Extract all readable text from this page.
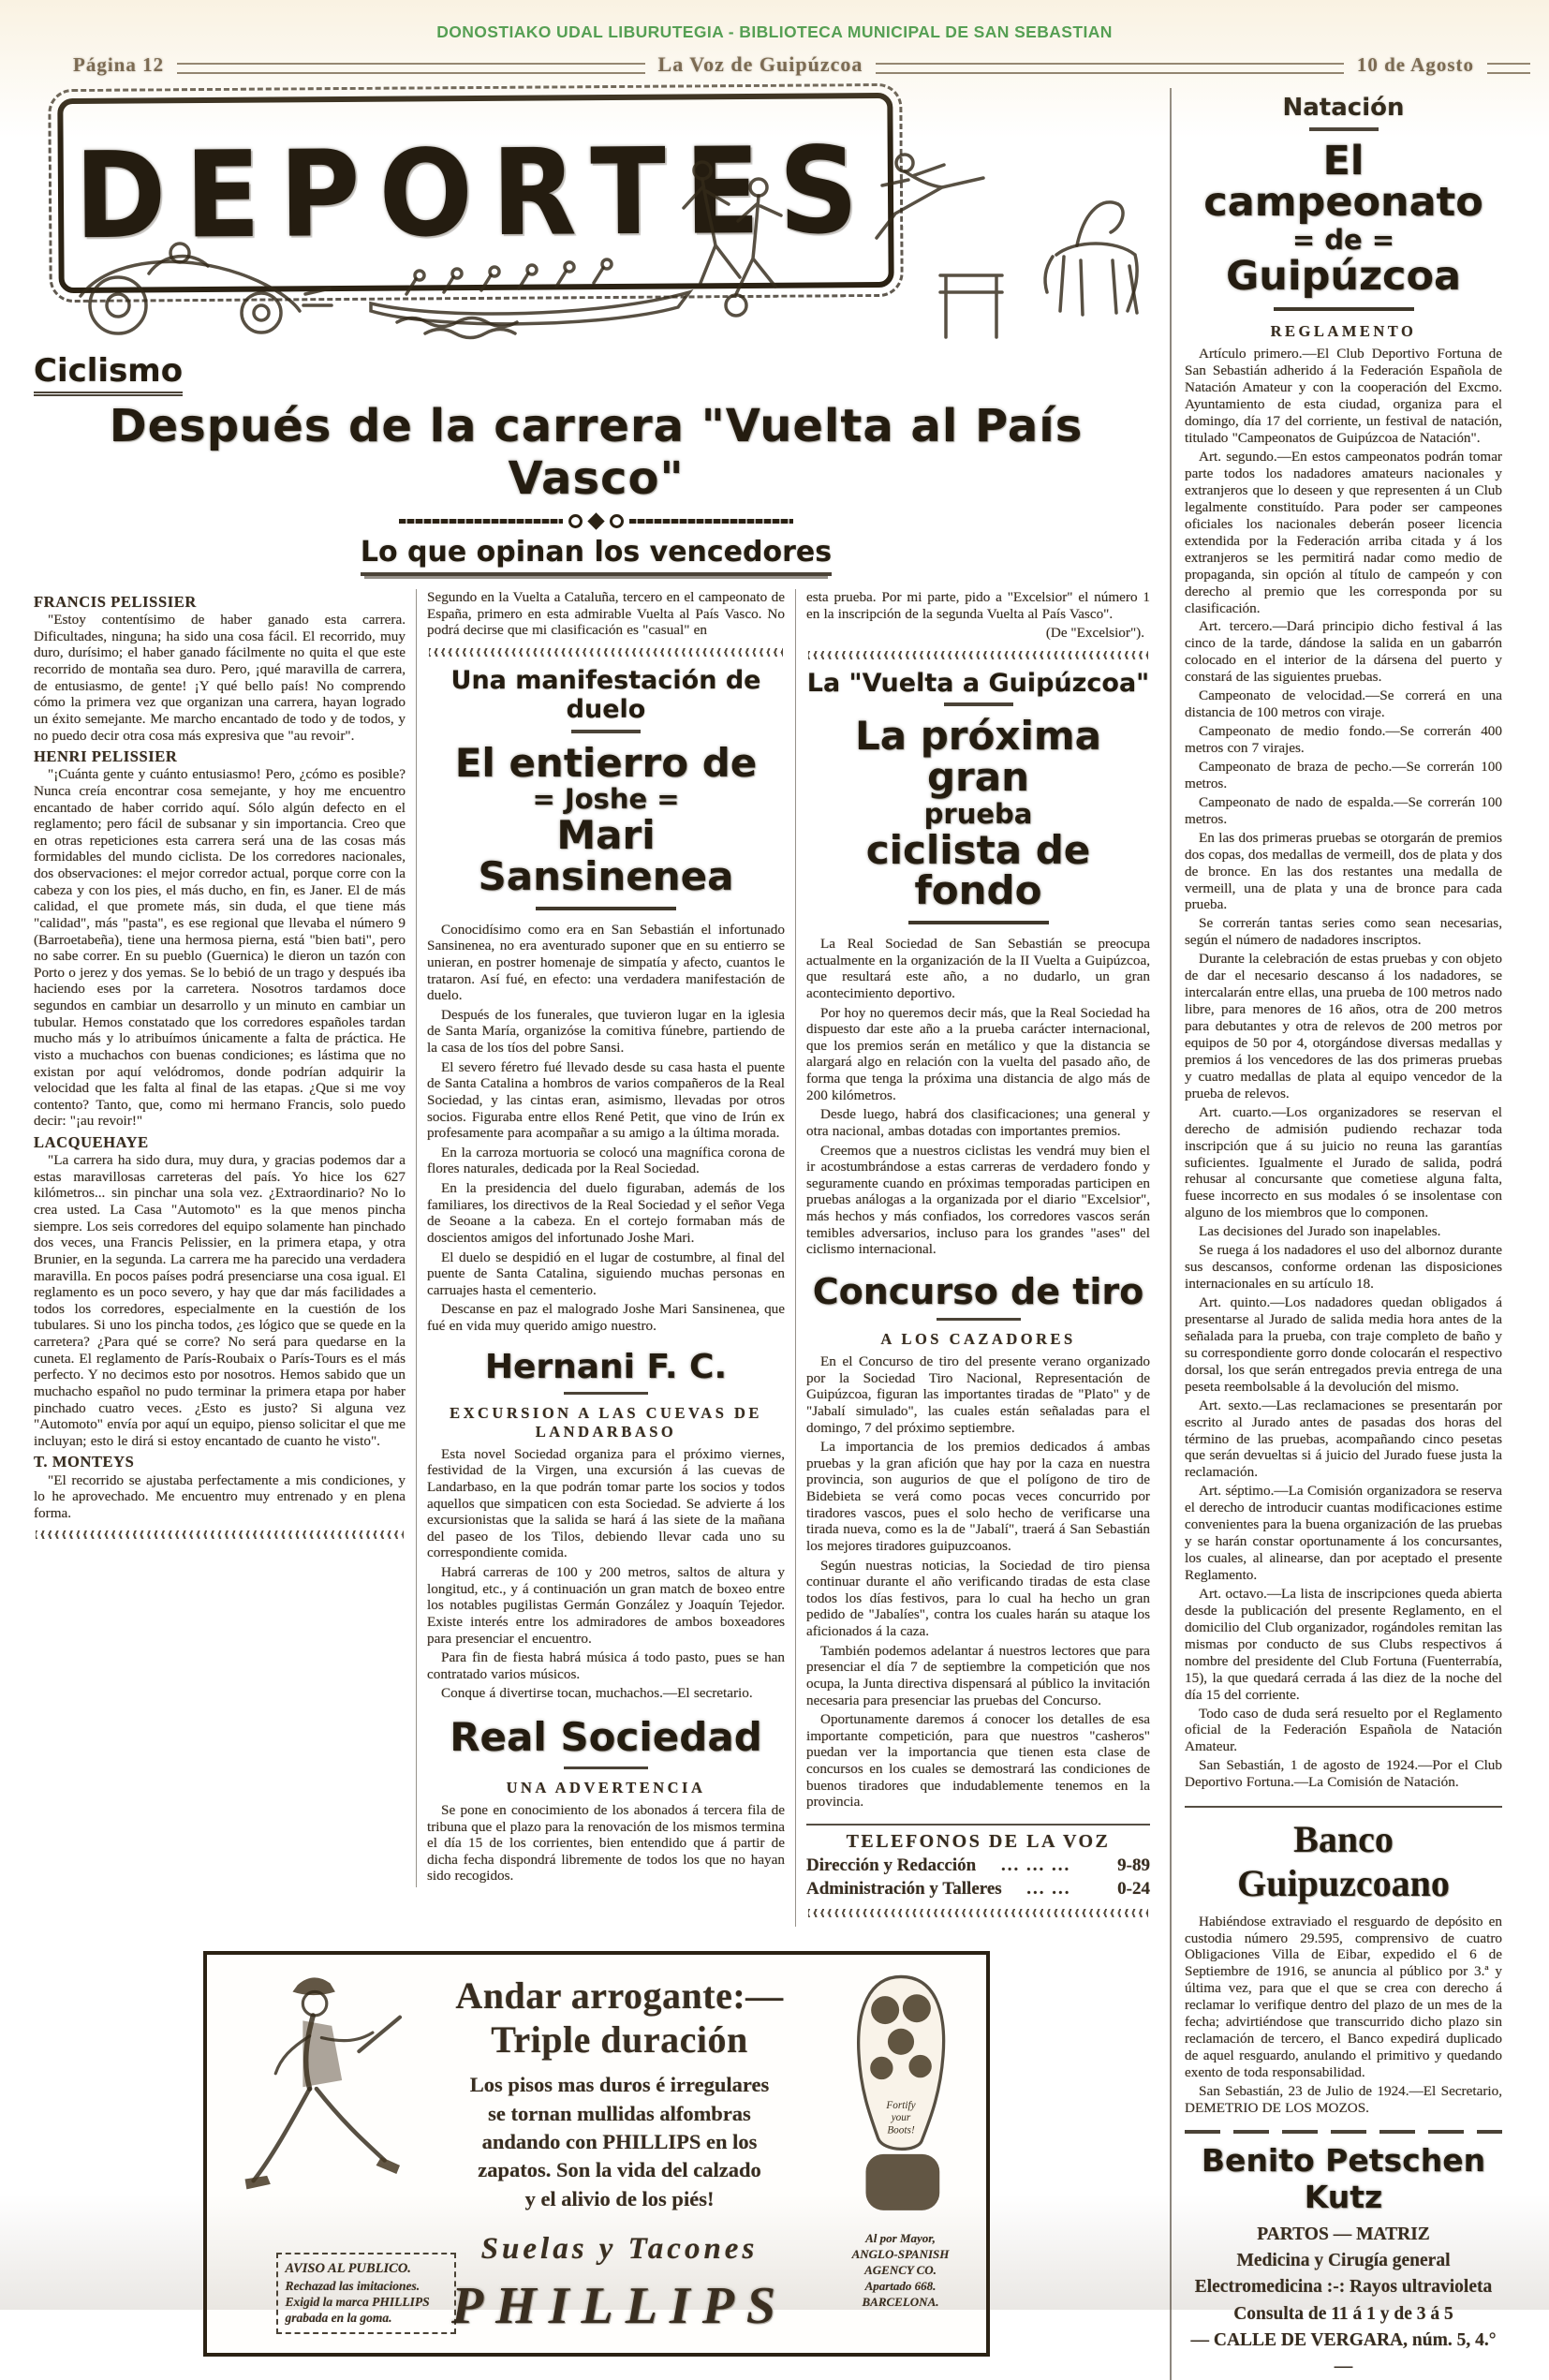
DONOSTIAKO UDAL LIBURUTEGIA - BIBLIOTECA MUNICIPAL DE SAN SEBASTIAN
Página 12	La Voz de Guipúzcoa	10 de Agosto
DEPORTES
Ciclismo
Después de la carrera "Vuelta al País Vasco"
Lo que opinan los vencedores
FRANCIS PELISSIER

"Estoy contentísimo de haber ganado esta carrera. Dificultades, ninguna; ha sido una cosa fácil. El recorrido, muy duro, durísimo; el haber ganado fácilmente no quita el que este recorrido de montaña sea duro. Pero, ¡qué maravilla de carrera, de entusiasmo, de gente! ¡Y qué bello país! No comprendo cómo la primera vez que organizan una carrera, hayan logrado un éxito semejante. Me marcho encantado de todo y de todos, y no puedo decir otra cosa más expresiva que "au revoir".

HENRI PELISSIER

"¡Cuánta gente y cuánto entusiasmo! Pero, ¿cómo es posible? Nunca creía encontrar cosa semejante, y hoy me encuentro encantado de haber corrido aquí. Sólo algún defecto en el reglamento; pero fácil de subsanar y sin importancia. Creo que en otras repeticiones esta carrera será una de las cosas más formidables del mundo ciclista. De los corredores nacionales, dos observaciones: el mejor corredor actual, porque corre con la cabeza y con los pies, el más ducho, en fin, es Janer. El de más calidad, el que promete más, sin duda, el que tiene más "calidad", más "pasta", es ese regional que llevaba el número 9 (Barroetabeña), tiene una hermosa pierna, está "bien bati", pero no sabe correr. En su pueblo (Guernica) le dieron un tazón con Porto o jerez y dos yemas. Se lo bebió de un trago y después iba haciendo eses por la carretera. Nosotros tardamos doce segundos en cambiar un desarrollo y un minuto en cambiar un tubular. Hemos constatado que los corredores españoles tardan mucho más y lo atribuímos únicamente a falta de práctica. He visto a muchachos con buenas condiciones; es lástima que no existan por aquí velódromos, donde podrían adquirir la velocidad que les falta al final de las etapas. ¿Que si me voy contento? Tanto, que, como mi hermano Francis, solo puedo decir: "¡au revoir!"

LACQUEHAYE

"La carrera ha sido dura, muy dura, y gracias podemos dar a estas maravillosas carreteras del país. Yo hice los 627 kilómetros... sin pinchar una sola vez. ¿Extraordinario? No lo crea usted. La Casa "Automoto" es la que menos pincha siempre. Los seis corredores del equipo solamente han pinchado dos veces, una Francis Pelissier, en la primera etapa, y otra Brunier, en la segunda. La carrera me ha parecido una verdadera maravilla. En pocos países podrá presenciarse una cosa igual. El reglamento es un poco severo, y hay que dar más facilidades a todos los corredores, especialmente en la cuestión de los tubulares. Si uno los pincha todos, ¿es lógico que se quede en la carretera? ¿Para qué se corre? No será para quedarse en la cuneta. El reglamento de París-Roubaix o París-Tours es el más perfecto. Y no decimos esto por nosotros. Hemos sabido que un muchacho español no pudo terminar la primera etapa por haber pinchado cuatro veces. ¿Esto es justo? Si alguna vez "Automoto" envía por aquí un equipo, pienso solicitar el que me incluyan; esto le dirá si estoy encantado de cuanto he visto".

T. MONTEYS

"El recorrido se ajustaba perfectamente a mis condiciones, y lo he aprovechado. Me encuentro muy entrenado y en plena forma.

Segundo en la Vuelta a Cataluña, tercero en el campeonato de España, primero en esta admirable Vuelta al País Vasco. No podrá decirse que mi clasificación es "casual" en

Una manifestación de duelo
El entierro de
= Joshe =
Mari Sansinenea

Conocidísimo como era en San Sebastián el infortunado Sansinenea, no era aventurado suponer que en su entierro se unieran, en postrer homenaje de simpatía y afecto, cuantos le trataron. Así fué, en efecto: una verdadera manifestación de duelo.

Después de los funerales, que tuvieron lugar en la iglesia de Santa María, organizóse la comitiva fúnebre, partiendo de la casa de los tíos del pobre Sansi.

El severo féretro fué llevado desde su casa hasta el puente de Santa Catalina a hombros de varios compañeros de la Real Sociedad, y las cintas eran, asimismo, llevadas por otros socios. Figuraba entre ellos René Petit, que vino de Irún ex profesamente para acompañar a su amigo a la última morada.

En la carroza mortuoria se colocó una magnífica corona de flores naturales, dedicada por la Real Sociedad.

En la presidencia del duelo figuraban, además de los familiares, los directivos de la Real Sociedad y el señor Vega de Seoane a la cabeza. En el cortejo formaban más de doscientos amigos del infortunado Joshe Mari.

El duelo se despidió en el lugar de costumbre, al final del puente de Santa Catalina, siguiendo muchas personas en carruajes hasta el cementerio.

Descanse en paz el malogrado Joshe Mari Sansinenea, que fué en vida muy querido amigo nuestro.

Hernani F. C.
EXCURSION A LAS CUEVAS DE LANDARBASO

Esta novel Sociedad organiza para el próximo viernes, festividad de la Virgen, una excursión á las cuevas de Landarbaso, en la que podrán tomar parte los socios y todos aquellos que simpaticen con esta Sociedad. Se advierte á los excursionistas que la salida se hará á las siete de la mañana del paseo de los Tilos, debiendo llevar cada uno su correspondiente comida.

Habrá carreras de 100 y 200 metros, saltos de altura y longitud, etc., y á continuación un gran match de boxeo entre los notables pugilistas Germán González y Joaquín Tejedor. Existe interés entre los admiradores de ambos boxeadores para presenciar el encuentro.

Para fin de fiesta habrá música á todo pasto, pues se han contratado varios músicos.

Conque á divertirse tocan, muchachos.—El secretario.

Real Sociedad
UNA ADVERTENCIA

Se pone en conocimiento de los abonados á tercera fila de tribuna que el plazo para la renovación de los mismos termina el día 15 de los corrientes, bien entendido que á partir de dicha fecha dispondrá libremente de todos los que no hayan sido recogidos.

esta prueba. Por mi parte, pido a "Excelsior" el número 1 en la inscripción de la segunda Vuelta al País Vasco".

(De "Excelsior").
La "Vuelta a Guipúzcoa"
La próxima gran
prueba
ciclista de fondo

La Real Sociedad de San Sebastián se preocupa actualmente en la organización de la II Vuelta a Guipúzcoa, que resultará este año, a no dudarlo, un gran acontecimiento deportivo.

Por hoy no queremos decir más, que la Real Sociedad ha dispuesto dar este año a la prueba carácter internacional, que los premios serán en metálico y que la distancia se alargará algo en relación con la vuelta del pasado año, de forma que tenga la próxima una distancia de algo más de 200 kilómetros.

Desde luego, habrá dos clasificaciones; una general y otra nacional, ambas dotadas con importantes premios.

Creemos que a nuestros ciclistas les vendrá muy bien el ir acostumbrándose a estas carreras de verdadero fondo y seguramente cuando en próximas temporadas participen en pruebas análogas a la organizada por el diario "Excelsior", más hechos y más confiados, los corredores vascos serán temibles adversarios, incluso para los grandes "ases" del ciclismo internacional.

Concurso de tiro
A LOS CAZADORES

En el Concurso de tiro del presente verano organizado por la Sociedad Tiro Nacional, Representación de Guipúzcoa, figuran las importantes tiradas de "Plato" y de "Jabalí simulado", las cuales están señaladas para el domingo, 7 del próximo septiembre.

La importancia de los premios dedicados á ambas pruebas y la gran afición que hay por la caza en nuestra provincia, son augurios de que el polígono de tiro de Bidebieta se verá como pocas veces concurrido por tiradores vascos, pues el solo hecho de verificarse una tirada nueva, como es la de "Jabalí", traerá á San Sebastián los mejores tiradores guipuzcoanos.

Según nuestras noticias, la Sociedad de tiro piensa continuar durante el año verificando tiradas de esta clase todos los días festivos, para lo cual ha hecho un gran pedido de "Jabalíes", contra los cuales harán su ataque los aficionados á la caza.

También podemos adelantar á nuestros lectores que para presenciar el día 7 de septiembre la competición que nos ocupa, la Junta directiva dispensará al público la invitación necesaria para presenciar las pruebas del Concurso.

Oportunamente daremos á conocer los detalles de esa importante competición, para que nuestros "casheros" puedan ver la importancia que tienen esta clase de concursos en los cuales se demostrará las condiciones de buenos tiradores que indudablemente tenemos en la provincia.

TELEFONOS DE LA VOZ
Dirección y Redacción	... ... ...	9-89
Administración y Talleres	... ...	0-24
AVISO AL PUBLICO.
Rechazad las imitaciones.
Exigid la marca PHILLIPS
grabada en la goma.
Andar arrogante:—Triple duración
Los pisos mas duros é irregulares
se tornan mullidas alfombras
andando con PHILLIPS en los
zapatos. Son la vida del calzado
y el alivio de los piés!
Suelas y Tacones
PHILLIPS
Fortify
your
Boots!
Al por Mayor,
ANGLO-SPANISH
AGENCY CO.
Apartado 668.
BARCELONA.
Natación
El campeonato
= de =
Guipúzcoa
REGLAMENTO

Artículo primero.—El Club Deportivo Fortuna de San Sebastián adherido á la Federación Española de Natación Amateur y con la cooperación del Excmo. Ayuntamiento de esta ciudad, organiza para el domingo, día 17 del corriente, un festival de natación, titulado "Campeonatos de Guipúzcoa de Natación".

Art. segundo.—En estos campeonatos podrán tomar parte todos los nadadores amateurs nacionales y extranjeros que lo deseen y que representen á un Club legalmente constituído. Para poder ser campeones oficiales los nacionales deberán poseer licencia extendida por la Federación arriba citada y á los extranjeros se les permitirá nadar como medio de propaganda, sin opción al título de campeón y con derecho al premio que les corresponda por su clasificación.

Art. tercero.—Dará principio dicho festival á las cinco de la tarde, dándose la salida en un gabarrón colocado en el interior de la dársena del puerto y constará de las siguientes pruebas.

Campeonato de velocidad.—Se correrá en una distancia de 100 metros con viraje.

Campeonato de medio fondo.—Se correrán 400 metros con 7 virajes.

Campeonato de braza de pecho.—Se correrán 100 metros.

Campeonato de nado de espalda.—Se correrán 100 metros.

En las dos primeras pruebas se otorgarán de premios dos copas, dos medallas de vermeill, dos de plata y dos de bronce. En las dos restantes una medalla de vermeill, una de plata y una de bronce para cada prueba.

Se correrán tantas series como sean necesarias, según el número de nadadores inscriptos.

Durante la celebración de estas pruebas y con objeto de dar el necesario descanso á los nadadores, se intercalarán entre ellas, una prueba de 100 metros nado libre, para menores de 16 años, otra de 200 metros para debutantes y otra de relevos de 200 metros por equipos de 50 por 4, otorgándose diversas medallas y premios á los vencedores de las dos primeras pruebas y cuatro medallas de plata al equipo vencedor de la prueba de relevos.

Art. cuarto.—Los organizadores se reservan el derecho de admisión pudiendo rechazar toda inscripción que á su juicio no reuna las garantías suficientes. Igualmente el Jurado de salida, podrá rehusar al concursante que cometiese alguna falta, fuese incorrecto en sus modales ó se insolentase con alguno de los miembros que lo componen.

Las decisiones del Jurado son inapelables.

Se ruega á los nadadores el uso del albornoz durante sus descansos, conforme ordenan las disposiciones internacionales en su artículo 18.

Art. quinto.—Los nadadores quedan obligados á presentarse al Jurado de salida media hora antes de la señalada para la prueba, con traje completo de baño y su correspondiente gorro donde colocarán el respectivo dorsal, los que serán entregados previa entrega de una peseta reembolsable á la devolución del mismo.

Art. sexto.—Las reclamaciones se presentarán por escrito al Jurado antes de pasadas dos horas del término de las pruebas, acompañando cinco pesetas que serán devueltas si á juicio del Jurado fuese justa la reclamación.

Art. séptimo.—La Comisión organizadora se reserva el derecho de introducir cuantas modificaciones estime convenientes para la buena organización de las pruebas y se harán constar oportunamente á los concursantes, los cuales, al alinearse, dan por aceptado el presente Reglamento.

Art. octavo.—La lista de inscripciones queda abierta desde la publicación del presente Reglamento, en el domicilio del Club organizador, rogándoles remitan las mismas por conducto de sus Clubs respectivos á nombre del presidente del Club Fortuna (Fuenterrabía, 15), la que quedará cerrada á las diez de la noche del día 15 del corriente.

Todo caso de duda será resuelto por el Reglamento oficial de la Federación Española de Natación Amateur.

San Sebastián, 1 de agosto de 1924.—Por el Club Deportivo Fortuna.—La Comisión de Natación.

Banco Guipuzcoano

Habiéndose extraviado el resguardo de depósito en custodia número 29.595, comprensivo de cuatro Obligaciones Villa de Eibar, expedido el 6 de Septiembre de 1916, se anuncia al público por 3.ª y última vez, para que el que se crea con derecho á reclamar lo verifique dentro del plazo de un mes de la fecha; advirtiéndose que transcurrido dicho plazo sin reclamación de tercero, el Banco expedirá duplicado de aquel resguardo, anulando el primitivo y quedando exento de toda responsabilidad.

San Sebastián, 23 de Julio de 1924.—El Secretario, DEMETRIO DE LOS MOZOS.

Benito Petschen Kutz
PARTOS — MATRIZ
Medicina y Cirugía general
Electromedicina :-: Rayos ultravioleta
Consulta de 11 á 1 y de 3 á 5
— CALLE DE VERGARA, núm. 5, 4.° —
